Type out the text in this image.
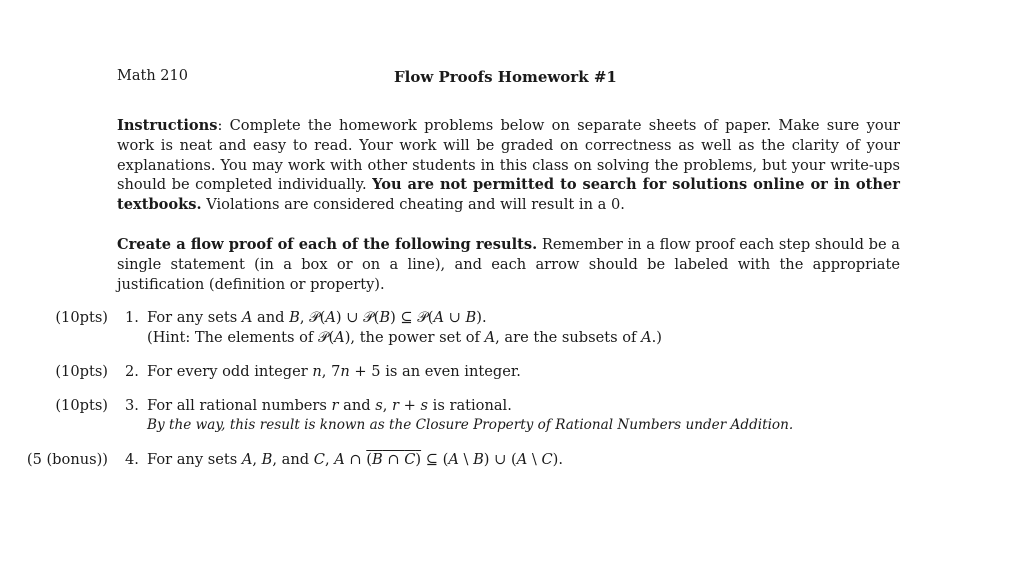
Math 210	Flow Proofs Homework #1
Instructions: Complete the homework problems below on separate sheets of paper. Make sure your work is neat and easy to read. Your work will be graded on correctness as well as the clarity of your explanations. You may work with other students in this class on solving the problems, but your write-ups should be completed individually. You are not permitted to search for solutions online or in other textbooks. Violations are considered cheating and will result in a 0.
Create a flow proof of each of the following results. Remember in a flow proof each step should be a single statement (in a box or on a line), and each arrow should be labeled with the appropriate justification (definition or property).
(10pts) 1. For any sets A and B, 𝒫(A) ∪ 𝒫(B) ⊆ 𝒫(A ∪ B).
(Hint: The elements of 𝒫(A), the power set of A, are the subsets of A.)
(10pts) 2. For every odd integer n, 7n + 5 is an even integer.
(10pts) 3. For all rational numbers r and s, r + s is rational.
By the way, this result is known as the Closure Property of Rational Numbers under Addition.
(5 (bonus)) 4. For any sets A, B, and C, A ∩ (B ∩ C) ⊆ (A \ B) ∪ (A \ C).
